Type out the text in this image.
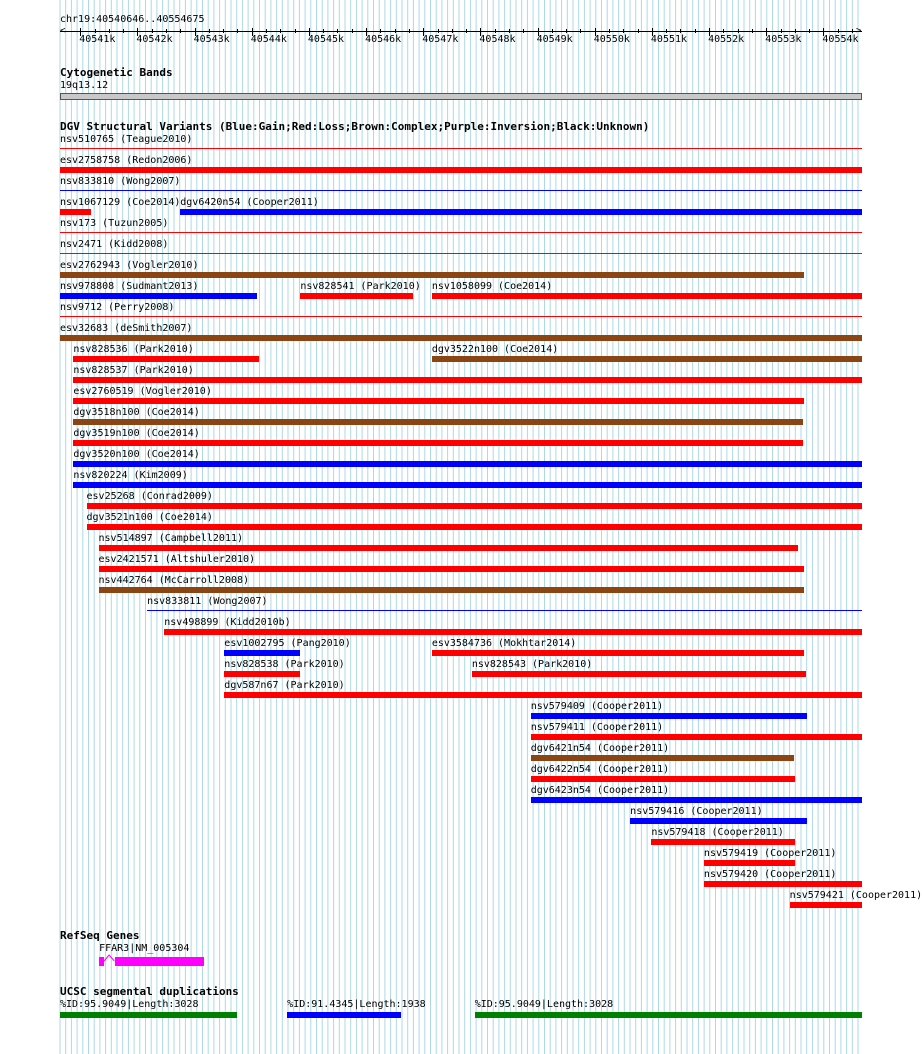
chr19:40540646..40554675
<	>
40541k 40542k 40543k 40544k 40545k 40546k 40547k 40548k 40549k 40550k 40551k 40552k 40553k 40554k
Cytogenetic Bands
19q13.12
DGV Structural Variants (Blue:Gain;Red:Loss;Brown:Complex;Purple:Inversion;Black:Unknown)
nsv510765 (Teague2010)
esv2758758 (Redon2006)
nsv833810 (Wong2007)
nsv1067129 (Coe2014) dgv6420n54 (Cooper2011)
nsv173 (Tuzun2005)
nsv2471 (Kidd2008)
esv2762943 (Vogler2010)
nsv978808 (Sudmant2013)	nsv828541 (Park2010) nsv1058099 (Coe2014)
nsv9712 (Perry2008)
esv32683 (deSmith2007)
nsv828536 (Park2010)	dgv3522n100 (Coe2014)
nsv828537 (Park2010)
esv2760519 (Vogler2010)
dgv3518n100 (Coe2014)
dgv3519n100 (Coe2014)
dgv3520n100 (Coe2014)
nsv820224 (Kim2009)
esv25268 (Conrad2009)
dgv3521n100 (Coe2014)
nsv514897 (Campbell2011)
esv2421571 (Altshuler2010)
nsv442764 (McCarroll2008)
nsv833811 (Wong2007)
nsv498899 (Kidd2010b)
esv1002795 (Pang2010)	esv3584736 (Mokhtar2014)
nsv828538 (Park2010)	nsv828543 (Park2010)
dgv587n67 (Park2010)
nsv579409 (Cooper2011)
nsv579411 (Cooper2011)
dgv6421n54 (Cooper2011)
dgv6422n54 (Cooper2011)
dgv6423n54 (Cooper2011)
nsv579416 (Cooper2011)
nsv579418 (Cooper2011)
nsv579419 (Cooper2011)
nsv579420 (Cooper2011)
nsv579421 (Cooper2011)
RefSeq Genes
FFAR3|NM_005304
UCSC segmental duplications
%ID:95.9049|Length:3028	%ID:91.4345|Length:1938	%ID:95.9049|Length:3028
